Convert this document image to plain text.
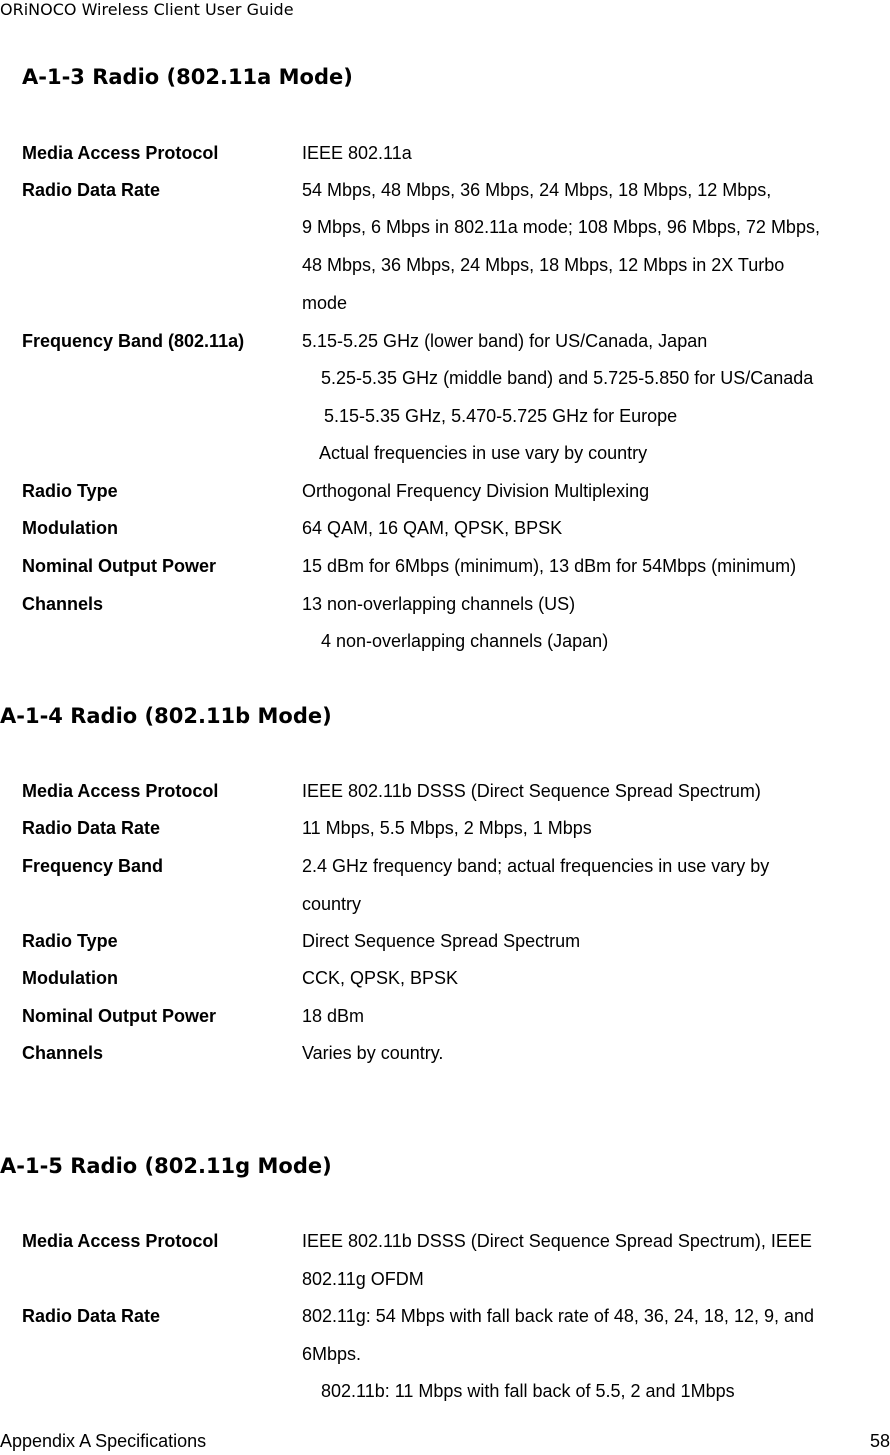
ORiNOCO Wireless Client User Guide
A-1-3 Radio (802.11a Mode)
Media Access Protocol	IEEE 802.11a
Radio Data Rate	54 Mbps, 48 Mbps, 36 Mbps, 24 Mbps, 18 Mbps, 12 Mbps,
9 Mbps, 6 Mbps in 802.11a mode; 108 Mbps, 96 Mbps, 72 Mbps,
48 Mbps, 36 Mbps, 24 Mbps, 18 Mbps, 12 Mbps in 2X Turbo
mode
Frequency Band (802.11a)	5.15-5.25 GHz (lower band) for US/Canada, Japan
5.25-5.35 GHz (middle band) and 5.725-5.850 for US/Canada
5.15-5.35 GHz, 5.470-5.725 GHz for Europe
Actual frequencies in use vary by country
Radio Type	Orthogonal Frequency Division Multiplexing
Modulation	64 QAM, 16 QAM, QPSK, BPSK
Nominal Output Power	15 dBm for 6Mbps (minimum), 13 dBm for 54Mbps (minimum)
Channels	13 non-overlapping channels (US)
4 non-overlapping channels (Japan)
A-1-4 Radio (802.11b Mode)
Media Access Protocol	IEEE 802.11b DSSS (Direct Sequence Spread Spectrum)
Radio Data Rate	11 Mbps, 5.5 Mbps, 2 Mbps, 1 Mbps
Frequency Band	2.4 GHz frequency band; actual frequencies in use vary by
country
Radio Type	Direct Sequence Spread Spectrum
Modulation	CCK, QPSK, BPSK
Nominal Output Power	18 dBm
Channels	Varies by country.
A-1-5 Radio (802.11g Mode)
Media Access Protocol	IEEE 802.11b DSSS (Direct Sequence Spread Spectrum), IEEE
802.11g OFDM
Radio Data Rate	802.11g: 54 Mbps with fall back rate of 48, 36, 24, 18, 12, 9, and
6Mbps.
802.11b: 11 Mbps with fall back of 5.5, 2 and 1Mbps
Appendix A Specifications	58
